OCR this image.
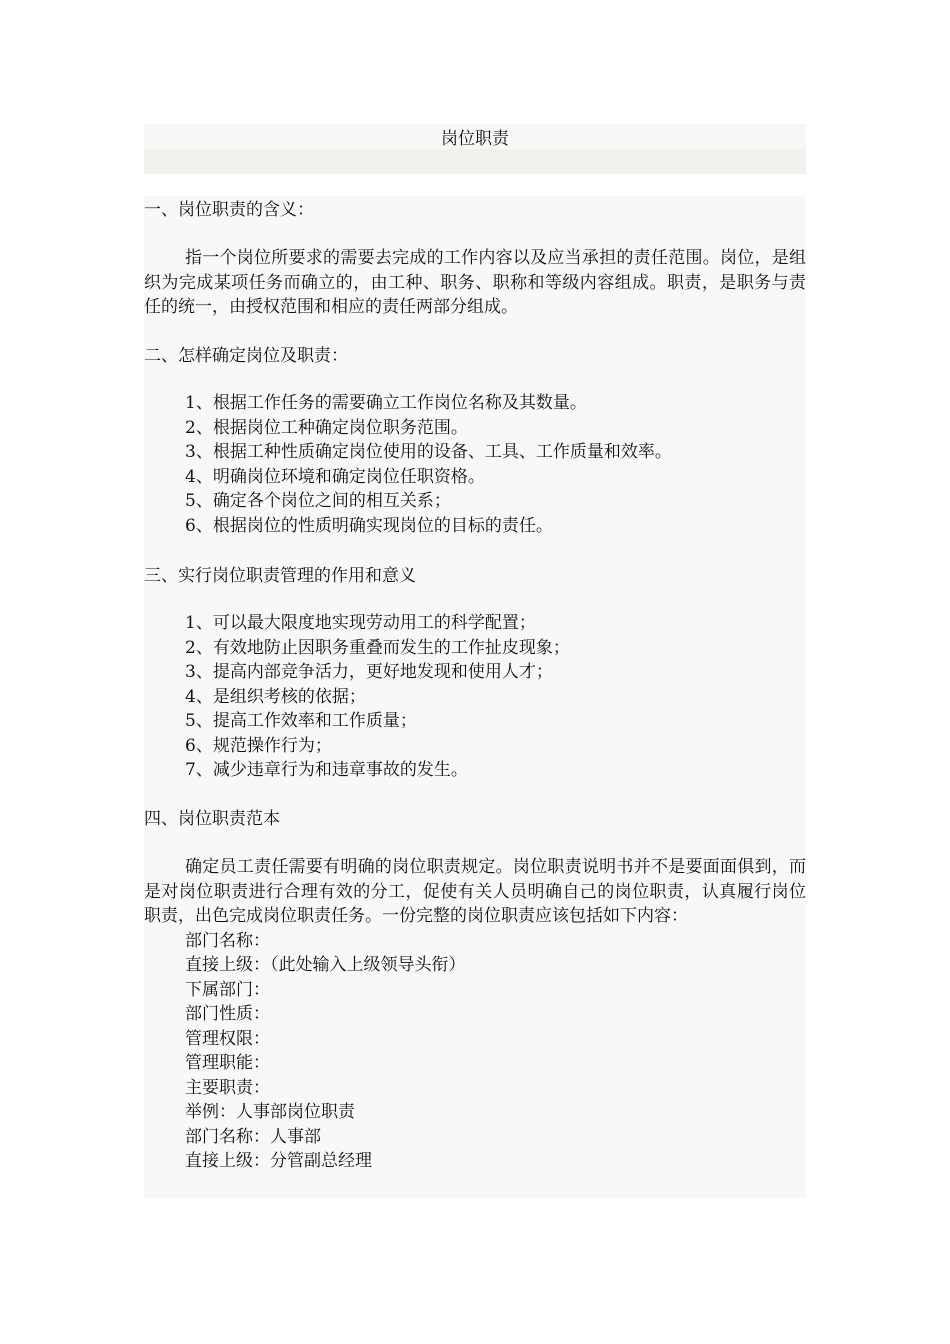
岗位职责
一、岗位职责的含义：

指一个岗位所要求的需要去完成的工作内容以及应当承担的责任范围。岗位，是组织为完成某项任务而确立的，由工种、职务、职称和等级内容组成。职责，是职务与责任的统一，由授权范围和相应的责任两部分组成。

二、怎样确定岗位及职责：
1、根据工作任务的需要确立工作岗位名称及其数量。
2、根据岗位工种确定岗位职务范围。
3、根据工种性质确定岗位使用的设备、工具、工作质量和效率。
4、明确岗位环境和确定岗位任职资格。
5、确定各个岗位之间的相互关系；
6、根据岗位的性质明确实现岗位的目标的责任。
三、实行岗位职责管理的作用和意义
1、可以最大限度地实现劳动用工的科学配置；
2、有效地防止因职务重叠而发生的工作扯皮现象；
3、提高内部竞争活力，更好地发现和使用人才；
4、是组织考核的依据；
5、提高工作效率和工作质量；
6、规范操作行为；
7、减少违章行为和违章事故的发生。
四、岗位职责范本

确定员工责任需要有明确的岗位职责规定。岗位职责说明书并不是要面面俱到，而是对岗位职责进行合理有效的分工，促使有关人员明确自己的岗位职责，认真履行岗位职责，出色完成岗位职责任务。一份完整的岗位职责应该包括如下内容：

部门名称：
直接上级：（此处输入上级领导头衔）
下属部门：
部门性质：
管理权限：
管理职能：
主要职责：
举例：人事部岗位职责
部门名称：人事部
直接上级：分管副总经理
